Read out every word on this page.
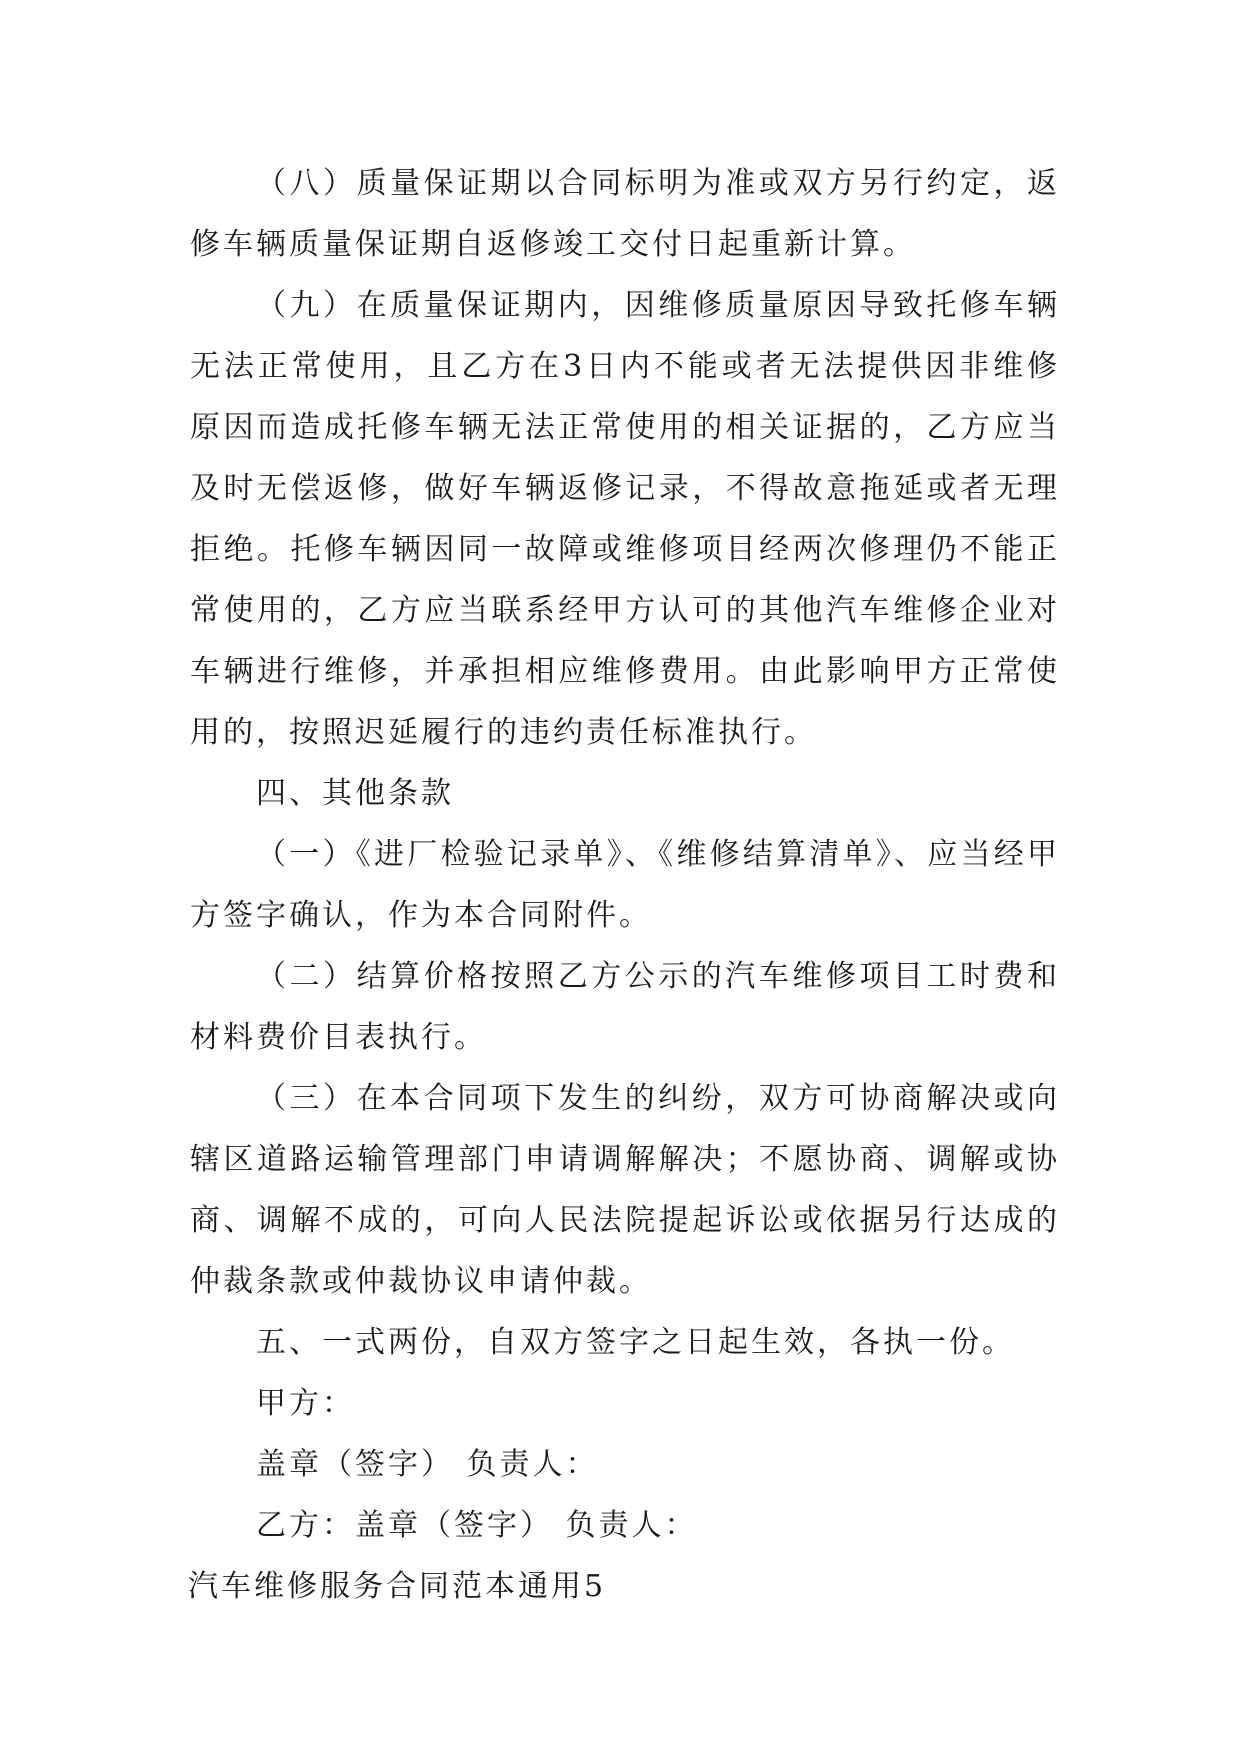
（八）质量保证期以合同标明为准或双方另行约定，返修车辆质量保证期自返修竣工交付日起重新计算。

（九）在质量保证期内，因维修质量原因导致托修车辆无法正常使用，且乙方在3日内不能或者无法提供因非维修原因而造成托修车辆无法正常使用的相关证据的，乙方应当及时无偿返修，做好车辆返修记录，不得故意拖延或者无理拒绝。托修车辆因同一故障或维修项目经两次修理仍不能正常使用的，乙方应当联系经甲方认可的其他汽车维修企业对车辆进行维修，并承担相应维修费用。由此影响甲方正常使用的，按照迟延履行的违约责任标准执行。

四、其他条款

（一）《进厂检验记录单》、《维修结算清单》、应当经甲方签字确认，作为本合同附件。

（二）结算价格按照乙方公示的汽车维修项目工时费和材料费价目表执行。

（三）在本合同项下发生的纠纷，双方可协商解决或向辖区道路运输管理部门申请调解解决；不愿协商、调解或协商、调解不成的，可向人民法院提起诉讼或依据另行达成的仲裁条款或仲裁协议申请仲裁。

五、一式两份，自双方签字之日起生效，各执一份。

甲方：

盖章（签字） 负责人：

乙方：盖章（签字） 负责人：

汽车维修服务合同范本通用5
